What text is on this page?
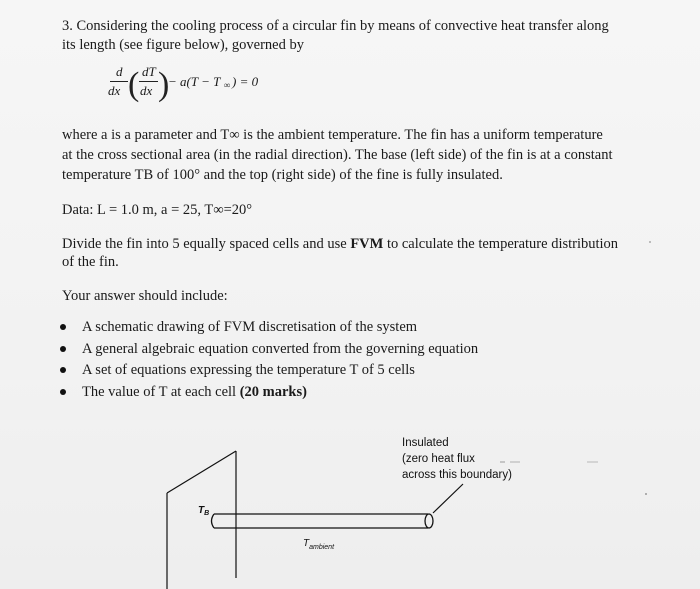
3. Considering the cooling process of a circular fin by means of convective heat transfer along
its length (see figure below), governed by
d
dx ( dT
dx )
− a(T − T ∞ ) = 0
where a is a parameter and T∞ is the ambient temperature. The fin has a uniform temperature
at the cross sectional area (in the radial direction). The base (left side) of the fin is at a constant
temperature TB of 100° and the top (right side) of the fine is fully insulated.
Data: L = 1.0 m, a = 25, T∞=20°
Divide the fin into 5 equally spaced cells and use FVM to calculate the temperature distribution
of the fin.
Your answer should include:
A schematic drawing of FVM discretisation of the system
A general algebraic equation converted from the governing equation
A set of equations expressing the temperature T of 5 cells
The value of T at each cell (20 marks)
Insulated
(zero heat flux
across this boundary)
$T_B$
$T_{ambient}$
